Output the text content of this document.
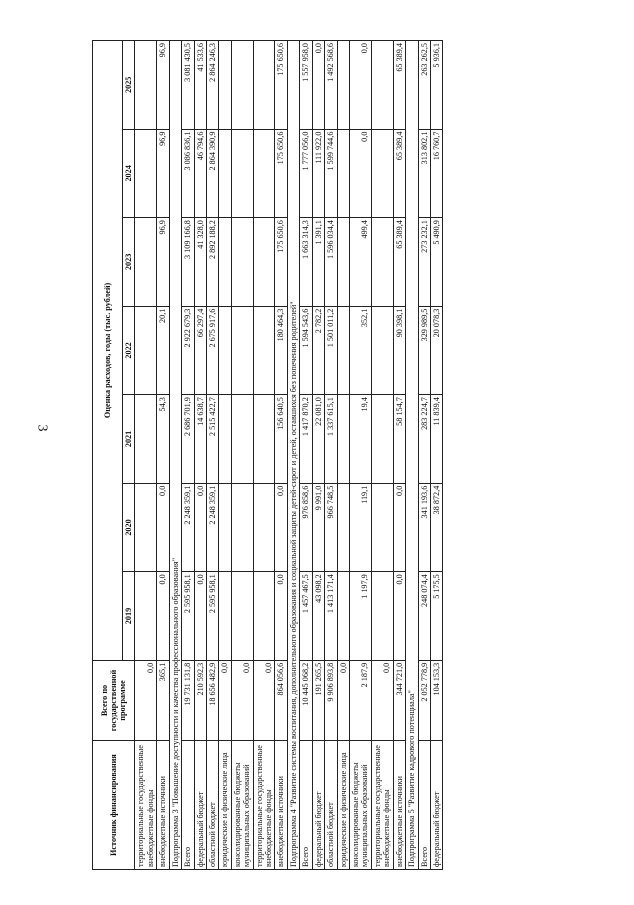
3
Источник финансирования	Всего по государственной программе	Оценка расходов, годы (тыс. рублей)						
		2019	2020	2021	2022	2023	2024	2025
территориальные государственные внебюджетные фонды	0,0							
внебюджетные источники	365,1	0,0	0,0	54,3	20,1	96,9	96,9	96,9
Подпрограмма 3 "Повышение доступности и качества профессионального образования"								
Всего	19 731 131,8	2 595 958,1	2 248 359,1	2 686 701,9	2 922 679,3	3 109 166,8	3 086 836,1	3 081 430,5
федеральный бюджет	210 592,3	0,0	0,0	14 638,7	66 297,4	41 328,0	46 794,6	41 533,6
областной бюджет	18 656 482,9	2 595 958,1	2 248 359,1	2 515 422,7	2 675 917,6	2 892 188,2	2 864 390,9	2 864 246,3
юридические и физические лица	0,0							
консолидированные бюджеты муниципальных образований	0,0							
территориальные государственные внебюджетные фонды	0,0							
внебюджетные источники	864 056,6	0,0	0,0	156 640,5	180 464,3	175 650,6	175 650,6	175 650,6
Подпрограмма 4 "Развитие системы воспитания, дополнительного образования и социальной защиты детей-сирот и детей, оставшихся без попечения родителей"								
Всего	10 445 068,2	1 457 467,5	976 858,6	1 417 870,2	1 594 543,6	1 663 314,3	1 777 056,0	1 557 958,0
федеральный бюджет	191 265,5	43 098,2	9 991,0	22 081,0	2 782,2	1 391,1	111 922,0	0,0
областной бюджет	9 906 893,8	1 413 171,4	966 748,5	1 337 615,1	1 501 011,2	1 596 034,4	1 599 744,6	1 492 568,6
юридические и физические лица	0,0							
консолидированные бюджеты муниципальных образований	2 187,9	1 197,9	119,1	19,4	352,1	499,4	0,0	0,0
территориальные государственные внебюджетные фонды	0,0							
внебюджетные источники	344 721,0	0,0	0,0	58 154,7	90 398,1	65 389,4	65 389,4	65 389,4
Подпрограмма 5 "Развитие кадрового потенциала"								
Всего	2 052 778,9	248 074,4	341 193,6	283 224,7	329 989,5	273 232,1	313 802,1	263 262,5
федеральный бюджет	104 153,3	5 175,5	38 872,4	11 839,4	20 078,3	5 490,9	16 760,7	5 936,1
